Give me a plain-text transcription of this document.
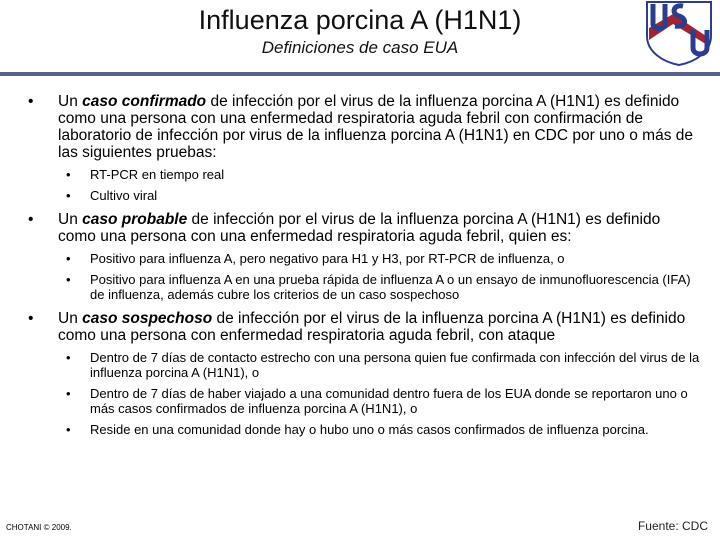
Influenza porcina A (H1N1)
Definiciones de caso EUA
• Un caso confirmado de infección por el virus de la influenza porcina A (H1N1) es definido como una persona con una enfermedad respiratoria aguda febril con confirmación de laboratorio de infección por virus de la influenza porcina A (H1N1) en CDC por uno o más de las siguientes pruebas:
• RT-PCR en tiempo real
• Cultivo viral
• Un caso probable de infección por el virus de la influenza porcina A (H1N1) es definido como una persona con una enfermedad respiratoria aguda febril, quien es:
• Positivo para influenza A, pero negativo para H1 y H3, por RT-PCR de influenza, o
• Positivo para influenza A en una prueba rápida de influenza A o un ensayo de inmunofluorescencia (IFA) de influenza, además cubre los criterios de un caso sospechoso
• Un caso sospechoso de infección por el virus de la influenza porcina A (H1N1) es definido como una persona con enfermedad respiratoria aguda febril, con ataque
• Dentro de 7 días de contacto estrecho con una persona quien fue confirmada con infección del virus de la influenza porcina A (H1N1), o
• Dentro de 7 días de haber viajado a una comunidad dentro fuera de los EUA donde se reportaron uno o más casos confirmados de influenza porcina A (H1N1), o
• Reside en una comunidad donde hay o hubo uno o más casos confirmados de influenza porcina.
CHOTANI © 2009.	Fuente: CDC
